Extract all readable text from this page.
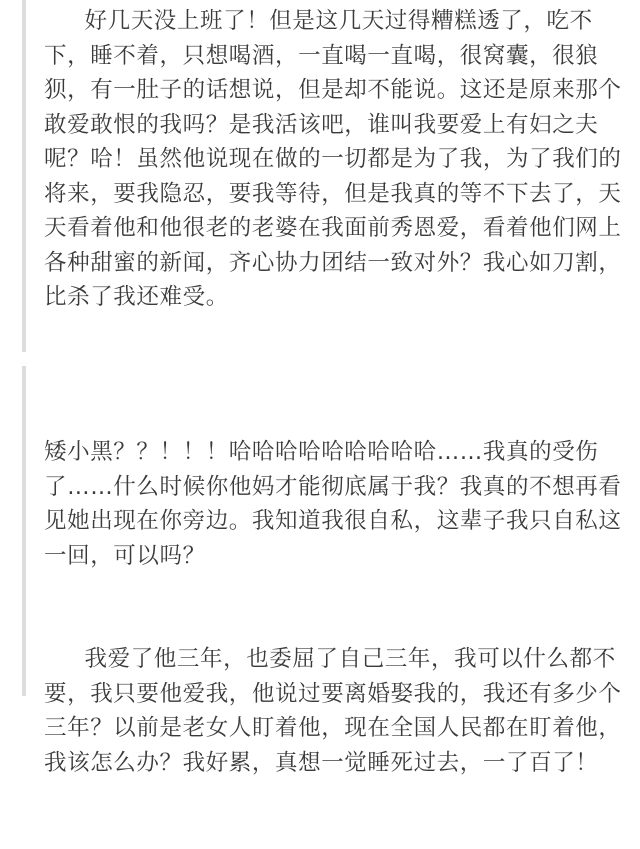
好几天没上班了！但是这几天过得糟糕透了，吃不下，睡不着，只想喝酒，一直喝一直喝，很窝囊，很狼狈，有一肚子的话想说，但是却不能说。这还是原来那个敢爱敢恨的我吗？是我活该吧，谁叫我要爱上有妇之夫呢？哈！虽然他说现在做的一切都是为了我，为了我们的将来，要我隐忍，要我等待，但是我真的等不下去了，天天看着他和他很老的老婆在我面前秀恩爱，看着他们网上各种甜蜜的新闻，齐心协力团结一致对外？我心如刀割，比杀了我还难受。

矮小黑？？！！！哈哈哈哈哈哈哈哈哈……我真的受伤了……什么时候你他妈才能彻底属于我？我真的不想再看见她出现在你旁边。我知道我很自私，这辈子我只自私这一回，可以吗？

我爱了他三年，也委屈了自己三年，我可以什么都不要，我只要他爱我，他说过要离婚娶我的，我还有多少个三年？以前是老女人盯着他，现在全国人民都在盯着他，我该怎么办？我好累，真想一觉睡死过去，一了百了！
